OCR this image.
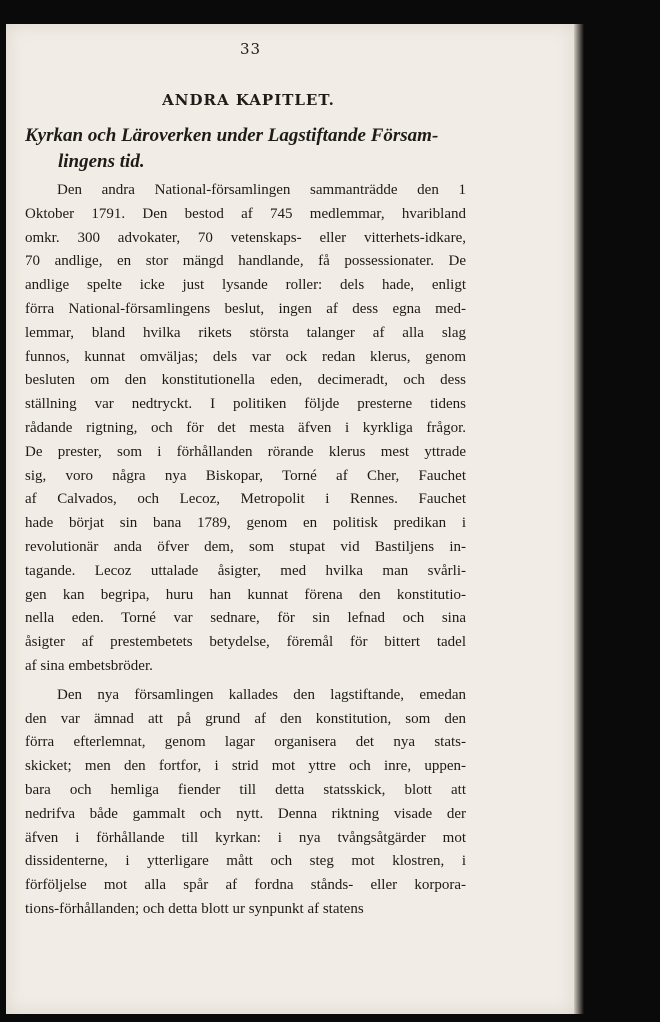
33
ANDRA KAPITLET.
Kyrkan och Läroverken under Lagstiftande Försam-
lingens tid.
Den andra National-församlingen sammanträdde den 1
Oktober 1791. Den bestod af 745 medlemmar, hvaribland
omkr. 300 advokater, 70 vetenskaps- eller vitterhets-idkare,
70 andlige, en stor mängd handlande, få possessionater. De
andlige spelte icke just lysande roller: dels hade, enligt
förra National-församlingens beslut, ingen af dess egna med-
lemmar, bland hvilka rikets största talanger af alla slag
funnos, kunnat omväljas; dels var ock redan klerus, genom
besluten om den konstitutionella eden, decimeradt, och dess
ställning var nedtryckt. I politiken följde presterne tidens
rådande rigtning, och för det mesta äfven i kyrkliga frågor.
De prester, som i förhållanden rörande klerus mest yttrade
sig, voro några nya Biskopar, Torné af Cher, Fauchet
af Calvados, och Lecoz, Metropolit i Rennes. Fauchet
hade börjat sin bana 1789, genom en politisk predikan i
revolutionär anda öfver dem, som stupat vid Bastiljens in-
tagande. Lecoz uttalade åsigter, med hvilka man svårli-
gen kan begripa, huru han kunnat förena den konstitutio-
nella eden. Torné var sednare, för sin lefnad och sina
åsigter af prestembetets betydelse, föremål för bittert tadel
af sina embetsbröder.
Den nya församlingen kallades den lagstiftande, emedan
den var ämnad att på grund af den konstitution, som den
förra efterlemnat, genom lagar organisera det nya stats-
skicket; men den fortfor, i strid mot yttre och inre, uppen-
bara och hemliga fiender till detta statsskick, blott att
nedrifva både gammalt och nytt. Denna riktning visade der
äfven i förhållande till kyrkan: i nya tvångsåtgärder mot
dissidenterne, i ytterligare mått och steg mot klostren, i
förföljelse mot alla spår af fordna stånds- eller korpora-
tions-förhållanden; och detta blott ur synpunkt af statens
